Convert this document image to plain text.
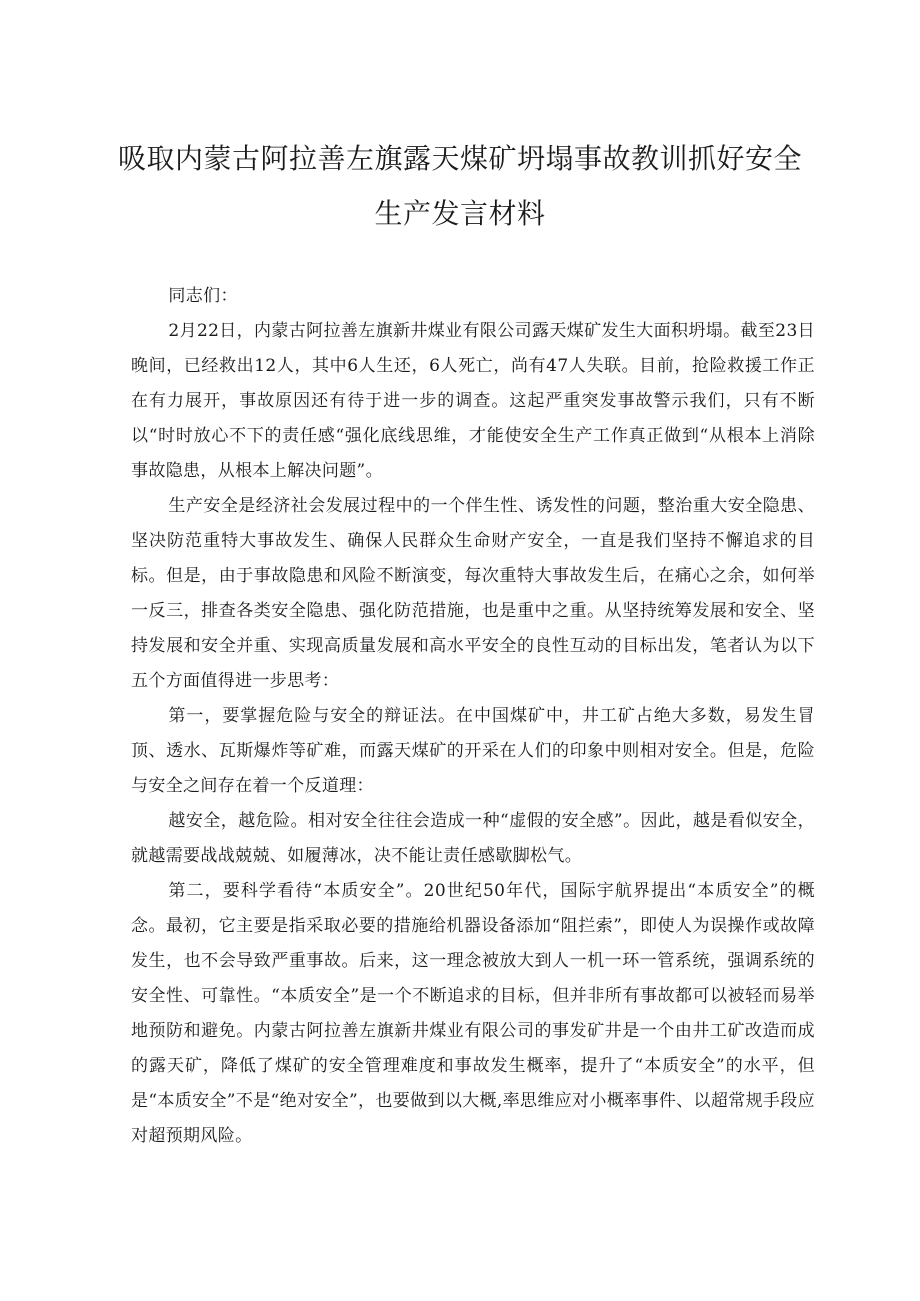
吸取内蒙古阿拉善左旗露天煤矿坍塌事故教训抓好安全
生产发言材料

同志们：

2月22日，内蒙古阿拉善左旗新井煤业有限公司露天煤矿发生大面积坍塌。截至23日晚间，已经救出12人，其中6人生还，6人死亡，尚有47人失联。目前，抢险救援工作正在有力展开，事故原因还有待于进一步的调查。这起严重突发事故警示我们，只有不断以“时时放心不下的责任感“强化底线思维，才能使安全生产工作真正做到“从根本上消除事故隐患，从根本上解决问题”。

生产安全是经济社会发展过程中的一个伴生性、诱发性的问题，整治重大安全隐患、坚决防范重特大事故发生、确保人民群众生命财产安全，一直是我们坚持不懈追求的目标。但是，由于事故隐患和风险不断演变，每次重特大事故发生后，在痛心之余，如何举一反三，排查各类安全隐患、强化防范措施，也是重中之重。从坚持统筹发展和安全、坚持发展和安全并重、实现高质量发展和高水平安全的良性互动的目标出发，笔者认为以下五个方面值得进一步思考：

第一，要掌握危险与安全的辩证法。在中国煤矿中，井工矿占绝大多数，易发生冒顶、透水、瓦斯爆炸等矿难，而露天煤矿的开采在人们的印象中则相对安全。但是，危险与安全之间存在着一个反道理：

越安全，越危险。相对安全往往会造成一种“虚假的安全感”。因此，越是看似安全，就越需要战战兢兢、如履薄冰，决不能让责任感歇脚松气。

第二，要科学看待“本质安全”。20世纪50年代，国际宇航界提出“本质安全”的概念。最初，它主要是指采取必要的措施给机器设备添加“阻拦索”，即使人为误操作或故障发生，也不会导致严重事故。后来，这一理念被放大到人一机一环一管系统，强调系统的安全性、可靠性。“本质安全”是一个不断追求的目标，但并非所有事故都可以被轻而易举地预防和避免。内蒙古阿拉善左旗新井煤业有限公司的事发矿井是一个由井工矿改造而成的露天矿，降低了煤矿的安全管理难度和事故发生概率，提升了“本质安全”的水平，但是“本质安全”不是“绝对安全”，也要做到以大概,率思维应对小概率事件、以超常规手段应对超预期风险。
